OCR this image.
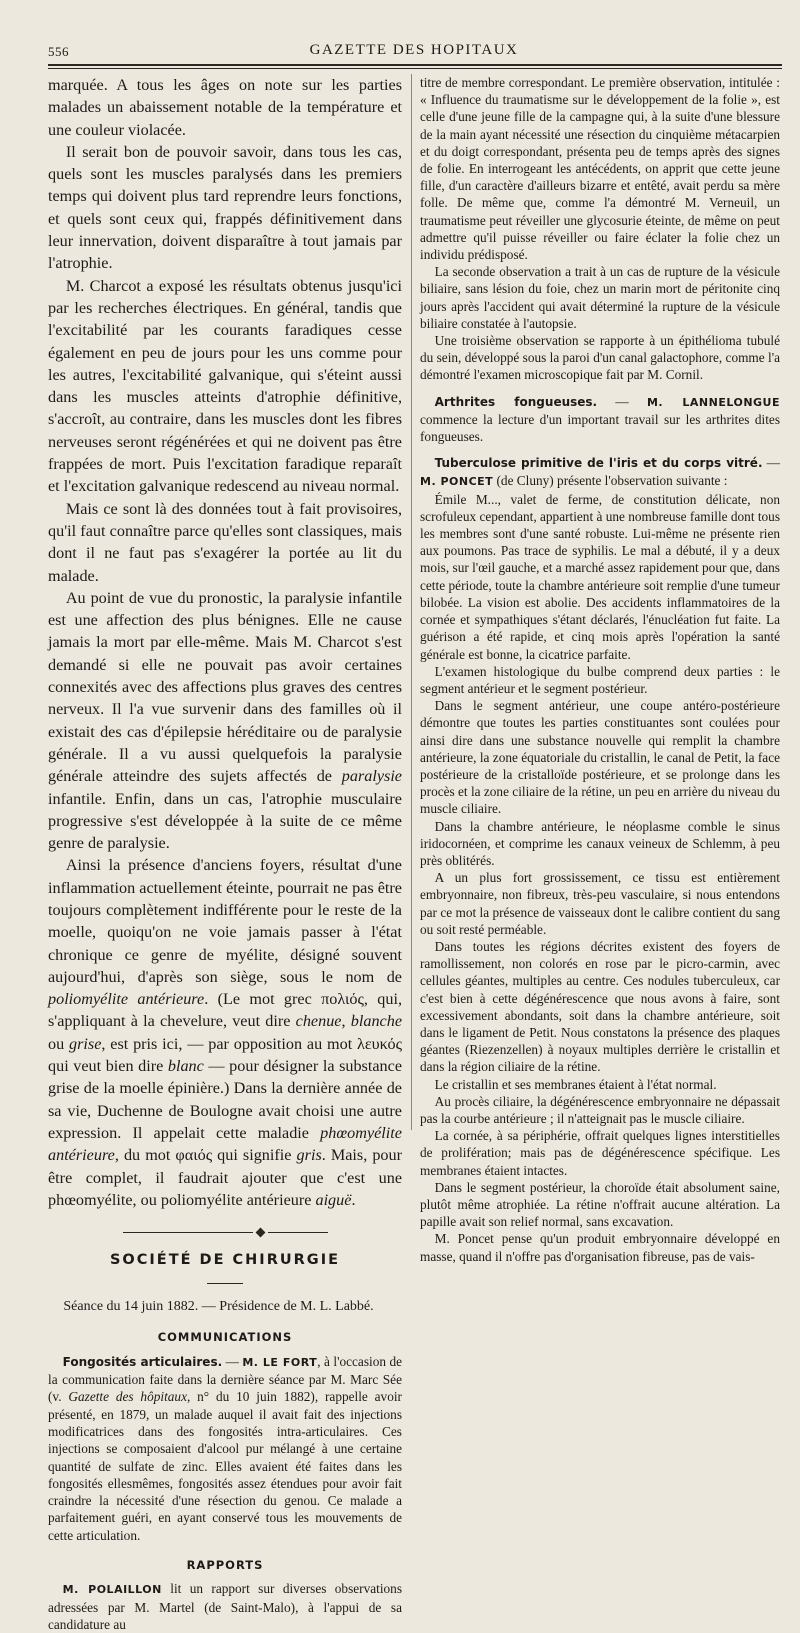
556	GAZETTE DES HOPITAUX

marquée. A tous les âges on note sur les parties malades un abaissement notable de la température et une couleur violacée.

Il serait bon de pouvoir savoir, dans tous les cas, quels sont les muscles paralysés dans les premiers temps qui doivent plus tard reprendre leurs fonctions, et quels sont ceux qui, frappés définitivement dans leur innervation, doivent disparaître à tout jamais par l'atrophie.

M. Charcot a exposé les résultats obtenus jusqu'ici par les recherches électriques. En général, tandis que l'excitabilité par les courants faradiques cesse également en peu de jours pour les uns comme pour les autres, l'excitabilité galvanique, qui s'éteint aussi dans les muscles atteints d'atrophie définitive, s'accroît, au contraire, dans les muscles dont les fibres nerveuses seront régénérées et qui ne doivent pas être frappées de mort. Puis l'excitation faradique reparaît et l'excitation galvanique redescend au niveau normal.

Mais ce sont là des données tout à fait provisoires, qu'il faut connaître parce qu'elles sont classiques, mais dont il ne faut pas s'exagérer la portée au lit du malade.

Au point de vue du pronostic, la paralysie infantile est une affection des plus bénignes. Elle ne cause jamais la mort par elle-même. Mais M. Charcot s'est demandé si elle ne pouvait pas avoir certaines connexités avec des affections plus graves des centres nerveux. Il l'a vue survenir dans des familles où il existait des cas d'épilepsie héréditaire ou de paralysie générale. Il a vu aussi quelquefois la paralysie générale atteindre des sujets affectés de paralysie infantile. Enfin, dans un cas, l'atrophie musculaire progressive s'est développée à la suite de ce même genre de paralysie.

Ainsi la présence d'anciens foyers, résultat d'une inflammation actuellement éteinte, pourrait ne pas être toujours complètement indifférente pour le reste de la moelle, quoiqu'on ne voie jamais passer à l'état chronique ce genre de myélite, désigné souvent aujourd'hui, d'après son siège, sous le nom de poliomyélite antérieure. (Le mot grec πολιός, qui, s'appliquant à la chevelure, veut dire chenue, blanche ou grise, est pris ici, — par opposition au mot λευκός qui veut bien dire blanc — pour désigner la substance grise de la moelle épinière.) Dans la dernière année de sa vie, Duchenne de Boulogne avait choisi une autre expression. Il appelait cette maladie phœomyélite antérieure, du mot φαιός qui signifie gris. Mais, pour être complet, il faudrait ajouter que c'est une phœomyélite, ou poliomyélite antérieure aiguë.

SOCIÉTÉ DE CHIRURGIE

Séance du 14 juin 1882. — Présidence de M. L. Labbé.

COMMUNICATIONS

Fongosités articulaires. — M. LE FORT, à l'occasion de la communication faite dans la dernière séance par M. Marc Sée (v. Gazette des hôpitaux, n° du 10 juin 1882), rappelle avoir présenté, en 1879, un malade auquel il avait fait des injections modificatrices dans des fongosités intra-articulaires. Ces injections se composaient d'alcool pur mélangé à une certaine quantité de sulfate de zinc. Elles avaient été faites dans les fongosités ellesmêmes, fongosités assez étendues pour avoir fait craindre la nécessité d'une résection du genou. Ce malade a parfaitement guéri, en ayant conservé tous les mouvements de cette articulation.

RAPPORTS

M. POLAILLON lit un rapport sur diverses observations adressées par M. Martel (de Saint-Malo), à l'appui de sa candidature au

titre de membre correspondant. Le première observation, intitulée : « Influence du traumatisme sur le développement de la folie », est celle d'une jeune fille de la campagne qui, à la suite d'une blessure de la main ayant nécessité une résection du cinquième métacarpien et du doigt correspondant, présenta peu de temps après des signes de folie. En interrogeant les antécédents, on apprit que cette jeune fille, d'un caractère d'ailleurs bizarre et entêté, avait perdu sa mère folle. De même que, comme l'a démontré M. Verneuil, un traumatisme peut réveiller une glycosurie éteinte, de même on peut admettre qu'il puisse réveiller ou faire éclater la folie chez un individu prédisposé.

La seconde observation a trait à un cas de rupture de la vésicule biliaire, sans lésion du foie, chez un marin mort de péritonite cinq jours après l'accident qui avait déterminé la rupture de la vésicule biliaire constatée à l'autopsie.

Une troisième observation se rapporte à un épithélioma tubulé du sein, développé sous la paroi d'un canal galactophore, comme l'a démontré l'examen microscopique fait par M. Cornil.

Arthrites fongueuses. — M. LANNELONGUE commence la lecture d'un important travail sur les arthrites dites fongueuses.

Tuberculose primitive de l'iris et du corps vitré. — M. PONCET (de Cluny) présente l'observation suivante :

Émile M..., valet de ferme, de constitution délicate, non scrofuleux cependant, appartient à une nombreuse famille dont tous les membres sont d'une santé robuste. Lui-même ne présente rien aux poumons. Pas trace de syphilis. Le mal a débuté, il y a deux mois, sur l'œil gauche, et a marché assez rapidement pour que, dans cette période, toute la chambre antérieure soit remplie d'une tumeur bilobée. La vision est abolie. Des accidents inflammatoires de la cornée et sympathiques s'étant déclarés, l'énucléation fut faite. La guérison a été rapide, et cinq mois après l'opération la santé générale est bonne, la cicatrice parfaite.

L'examen histologique du bulbe comprend deux parties : le segment antérieur et le segment postérieur.

Dans le segment antérieur, une coupe antéro-postérieure démontre que toutes les parties constituantes sont coulées pour ainsi dire dans une substance nouvelle qui remplit la chambre antérieure, la zone équatoriale du cristallin, le canal de Petit, la face postérieure de la cristalloïde postérieure, et se prolonge dans les procès et la zone ciliaire de la rétine, un peu en arrière du niveau du muscle ciliaire.

Dans la chambre antérieure, le néoplasme comble le sinus iridocornéen, et comprime les canaux veineux de Schlemm, à peu près oblitérés.

A un plus fort grossissement, ce tissu est entièrement embryonnaire, non fibreux, très-peu vasculaire, si nous entendons par ce mot la présence de vaisseaux dont le calibre contient du sang ou soit resté perméable.

Dans toutes les régions décrites existent des foyers de ramollissement, non colorés en rose par le picro-carmin, avec cellules géantes, multiples au centre. Ces nodules tuberculeux, car c'est bien à cette dégénérescence que nous avons à faire, sont excessivement abondants, soit dans la chambre antérieure, soit dans le ligament de Petit. Nous constatons la présence des plaques géantes (Riezenzellen) à noyaux multiples derrière le cristallin et dans la région ciliaire de la rétine.

Le cristallin et ses membranes étaient à l'état normal.

Au procès ciliaire, la dégénérescence embryonnaire ne dépassait pas la courbe antérieure ; il n'atteignait pas le muscle ciliaire.

La cornée, à sa périphérie, offrait quelques lignes interstitielles de prolifération; mais pas de dégénérescence spécifique. Les membranes étaient intactes.

Dans le segment postérieur, la choroïde était absolument saine, plutôt même atrophiée. La rétine n'offrait aucune altération. La papille avait son relief normal, sans excavation.

M. Poncet pense qu'un produit embryonnaire développé en masse, quand il n'offre pas d'organisation fibreuse, pas de vais-
